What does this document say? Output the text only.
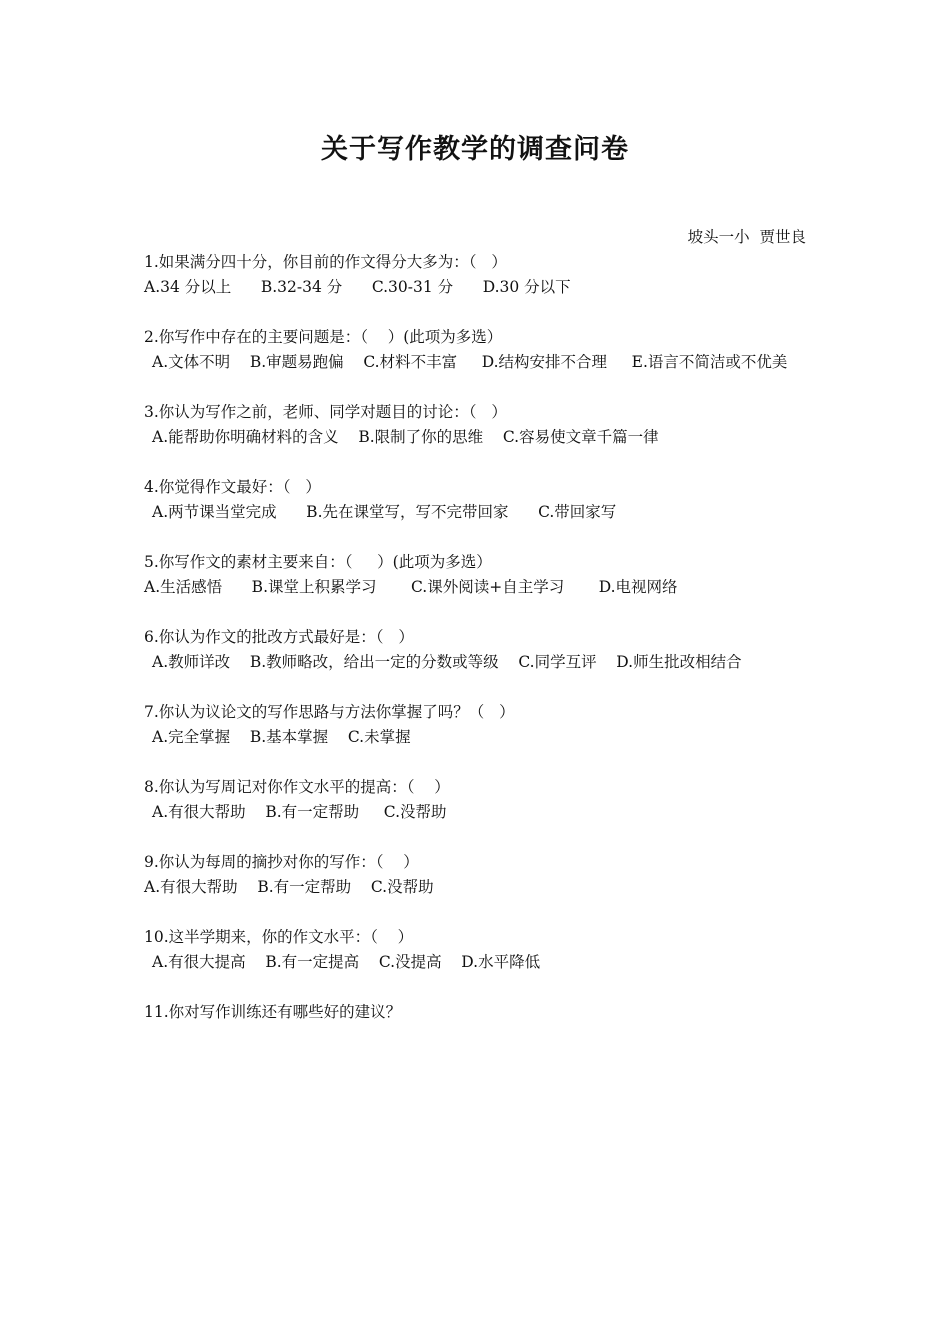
关于写作教学的调查问卷
坡头一小  贾世良
1.如果满分四十分，你目前的作文得分大多为：（   ）
A.34 分以上      B.32-34 分      C.30-31 分      D.30 分以下
2.你写作中存在的主要问题是：（    ）(此项为多选）
A.文体不明    B.审题易跑偏    C.材料不丰富     D.结构安排不合理     E.语言不简洁或不优美
3.你认为写作之前，老师、同学对题目的讨论：（   ）
A.能帮助你明确材料的含义    B.限制了你的思维    C.容易使文章千篇一律
4.你觉得作文最好：（   ）
A.两节课当堂完成      B.先在课堂写，写不完带回家      C.带回家写
5.你写作文的素材主要来自：（     ）(此项为多选）
A.生活感悟      B.课堂上积累学习       C.课外阅读+自主学习       D.电视网络
6.你认为作文的批改方式最好是：（   ）
A.教师详改    B.教师略改，给出一定的分数或等级    C.同学互评    D.师生批改相结合
7.你认为议论文的写作思路与方法你掌握了吗？（   ）
A.完全掌握    B.基本掌握    C.未掌握
8.你认为写周记对你作文水平的提高：（    ）
A.有很大帮助    B.有一定帮助     C.没帮助
9.你认为每周的摘抄对你的写作：（    ）
A.有很大帮助    B.有一定帮助    C.没帮助
10.这半学期来，你的作文水平：（    ）
A.有很大提高    B.有一定提高    C.没提高    D.水平降低
11.你对写作训练还有哪些好的建议？
